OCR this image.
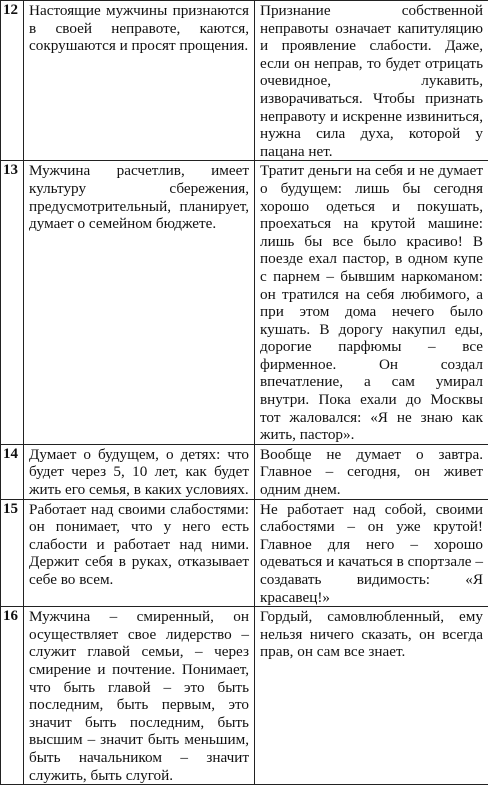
12	Настоящие мужчины признаются в своей неправоте, каются, сокрушаются и просят прощения.	Признание собственной неправоты означает капитуляцию и проявление слабости. Даже, если он неправ, то будет отрицать очевидное, лукавить, изворачиваться. Чтобы признать неправоту и искренне извиниться, нужна сила духа, которой у пацана нет.
13	Мужчина расчетлив, имеет культуру сбережения, предусмотрительный, планирует, думает о семейном бюджете.	Тратит деньги на себя и не думает о будущем: лишь бы сегодня хорошо одеться и покушать, проехаться на крутой машине: лишь бы все было красиво! В поезде ехал пастор, в одном купе с парнем – бывшим наркоманом: он тратился на себя любимого, а при этом дома нечего было кушать. В дорогу накупил еды, дорогие парфюмы – все фирменное. Он создал впечатление, а сам умирал внутри. Пока ехали до Москвы тот жаловался: «Я не знаю как жить, пастор».
14	Думает о будущем, о детях: что будет через 5, 10 лет, как будет жить его семья, в каких условиях.	Вообще не думает о завтра. Главное – сегодня, он живет одним днем.
15	Работает над своими слабостями: он понимает, что у него есть слабости и работает над ними. Держит себя в руках, отказывает себе во всем.	Не работает над собой, своими слабостями – он уже крутой! Главное для него – хорошо одеваться и качаться в спортзале – создавать видимость: «Я красавец!»
16	Мужчина – смиренный, он осуществляет свое лидерство – служит главой семьи, – через смирение и почтение. Понимает, что быть главой – это быть последним, быть первым, это значит быть последним, быть высшим – значит быть меньшим, быть начальником – значит служить, быть слугой.	Гордый, самовлюбленный, ему нельзя ничего сказать, он всегда прав, он сам все знает.
